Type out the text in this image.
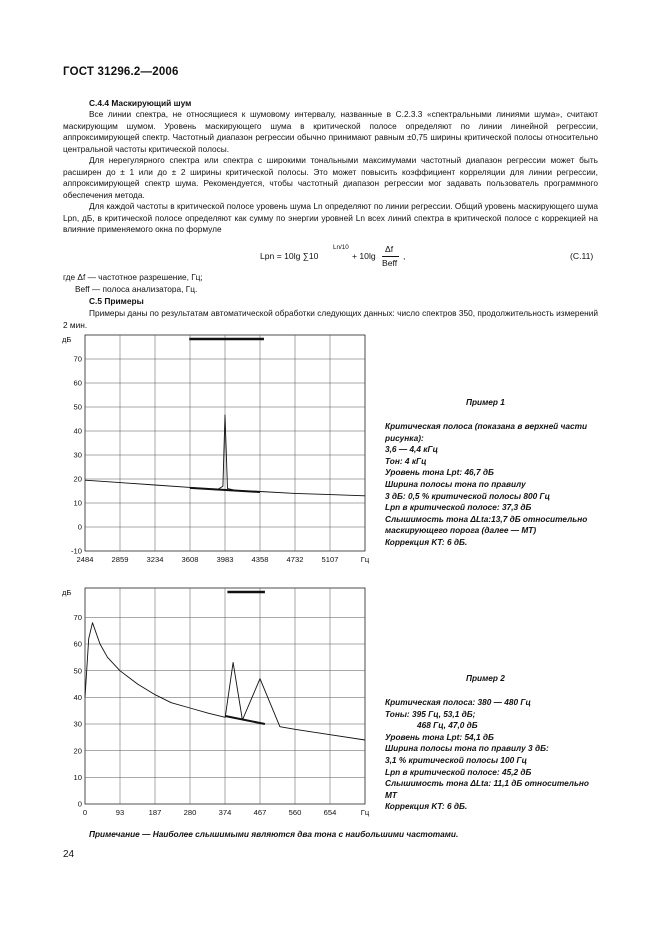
ГОСТ 31296.2—2006
С.4.4 Маскирующий шум
Все линии спектра, не относящиеся к шумовому интервалу, названные в С.2.3.3 «спектральными линиями шума», считают маскирующим шумом. Уровень маскирующего шума в критической полосе определяют по линии линейной регрессии, аппроксимирующей спектр. Частотный диапазон регрессии обычно принимают равным ±0,75 ширины критической полосы относительно центральной частоты критической полосы.
Для нерегулярного спектра или спектра с широкими тональными максимумами частотный диапазон регрессии может быть расширен до ± 1 или до ± 2 ширины критической полосы. Это может повысить коэффициент корреляции для линии регрессии, аппроксимирующей спектр шума. Рекомендуется, чтобы частотный диапазон регрессии мог задавать пользователь программного обеспечения метода.
Для каждой частоты в критической полосе уровень шума Ln определяют по линии регрессии. Общий уровень маскирующего шума Lpn, дБ, в критической полосе определяют как сумму по энергии уровней Ln всех линий спектра в критической полосе с коррекцией на влияние применяемого окна по формуле
Lpn = 10lg ∑10
Ln/10
+ 10lg
Δf
Beff
,	(С.11)
где Δf — частотное разрешение, Гц;
Beff — полоса анализатора, Гц.
С.5 Примеры
Примеры даны по результатам автоматической обработки следующих данных: число спектров 350, продолжительность измерений 2 мин.
70
60
50
40
30
20
10
0
-10
дБ
2484 2859 3234 3608 3983 4358 4732 5107	Гц
70
60
50
40
30
20
10
0
дБ
0	93	187	280	374	467	560	654	Гц
Пример 1
Критическая полоса (показана в верхней части рисунка):
3,6 — 4,4 кГц
Тон: 4 кГц
Уровень тона Lpt: 46,7 дБ
Ширина полосы тона по правилу
3 дБ: 0,5 % критической полосы 800 Гц
Lpn в критической полосе: 37,3 дБ
Слышимость тона ΔLta:13,7 дБ относительно маскирующего порога (далее — МТ)
Коррекция KT: 6 дБ.
Пример 2
Критическая полоса: 380 — 480 Гц
Тоны: 395 Гц, 53,1 дБ;
468 Гц, 47,0 дБ
Уровень тона Lpt: 54,1 дБ
Ширина полосы тона по правилу 3 дБ:
3,1 % критической полосы 100 Гц
Lpn в критической полосе: 45,2 дБ
Слышимость тона ΔLta: 11,1 дБ относительно МТ
Коррекция KT: 6 дБ.
Примечание — Наиболее слышимыми являются два тона с наибольшими частотами.
24
